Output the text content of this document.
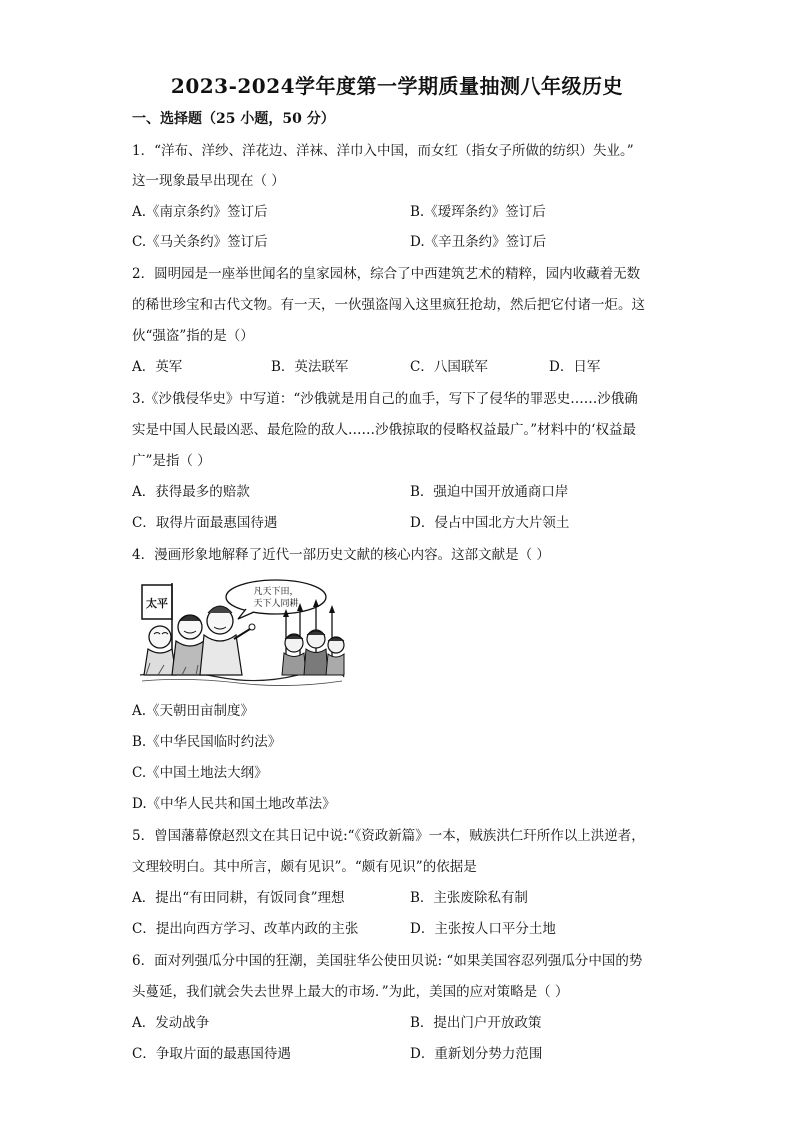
2023-2024学年度第一学期质量抽测八年级历史
一、选择题（25 小题，50 分）
1．“洋布、洋纱、洋花边、洋袜、洋巾入中国，而女红（指女子所做的纺织）失业。”
这一现象最早出现在（ ）
A.《南京条约》签订后	B.《瑷珲条约》签订后
C.《马关条约》签订后	D.《辛丑条约》签订后
2．圆明园是一座举世闻名的皇家园林，综合了中西建筑艺术的精粹，园内收藏着无数
的稀世珍宝和古代文物。有一天，一伙强盗闯入这里疯狂抢劫，然后把它付诸一炬。这
伙“强盗”指的是（）
A．英军	B．英法联军	C．八国联军	D．日军
3.《沙俄侵华史》中写道：“沙俄就是用自己的血手，写下了侵华的罪恶史……沙俄确
实是中国人民最凶恶、最危险的敌人……沙俄掠取的侵略权益最广。”材料中的‘权益最
广”是指（ ）
A．获得最多的赔款	B．强迫中国开放通商口岸
C．取得片面最惠国待遇	D．侵占中国北方大片领土
4．漫画形象地解释了近代一部历史文献的核心内容。这部文献是（ ）
太平
凡天下田，
天下人同耕
A.《天朝田亩制度》
B.《中华民国临时约法》
C.《中国土地法大纲》
D.《中华人民共和国土地改革法》
5．曾国藩幕僚赵烈文在其日记中说:“《资政新篇》一本，贼族洪仁玕所作以上洪逆者，
文理较明白。其中所言，颇有见识”。“颇有见识”的依据是
A．提出“有田同耕，有饭同食”理想	B．主张废除私有制
C．提出向西方学习、改革内政的主张	D．主张按人口平分土地
6．面对列强瓜分中国的狂潮，美国驻华公使田贝说: “如果美国容忍列强瓜分中国的势
头蔓延，我们就会失去世界上最大的市场．”为此，美国的应对策略是（ ）
A．发动战争	B．提出门户开放政策
C．争取片面的最惠国待遇	D．重新划分势力范围
